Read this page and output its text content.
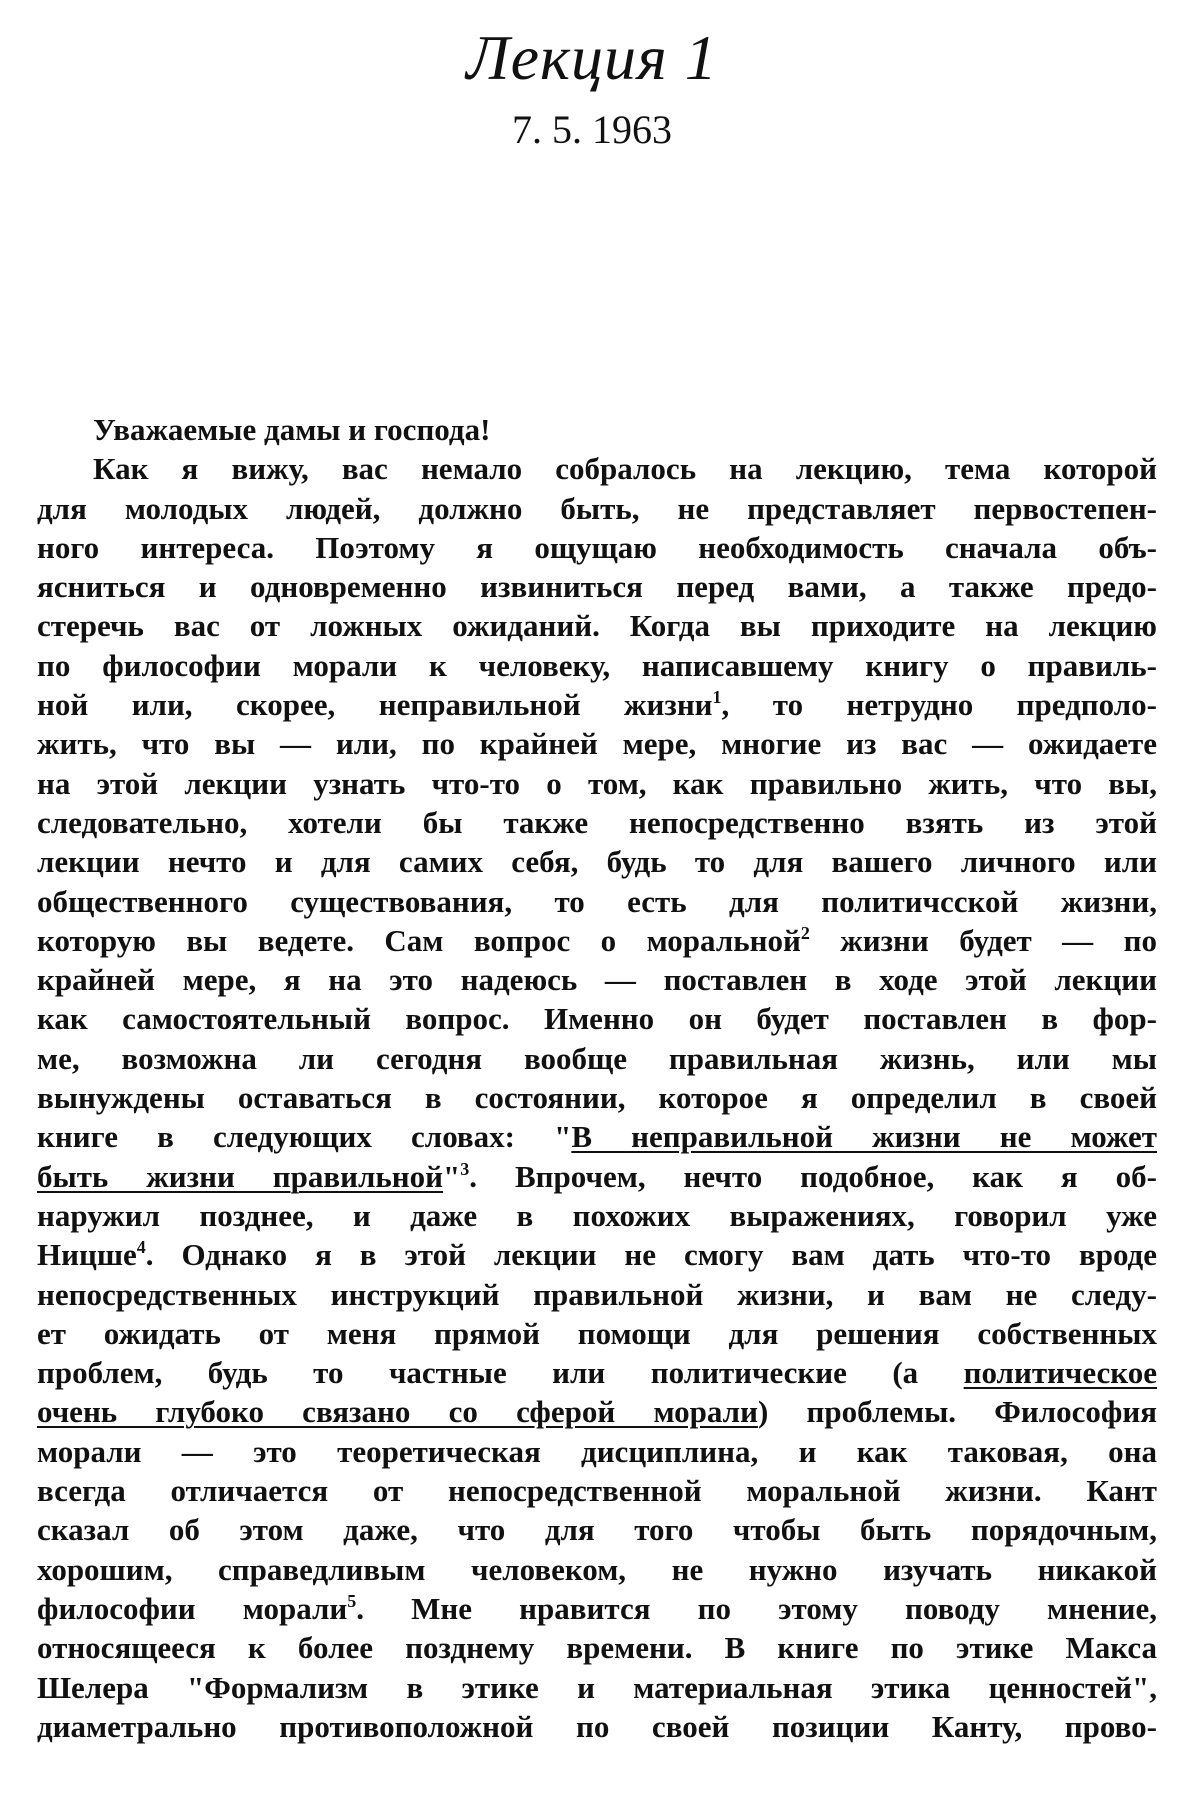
Лекция 1
7. 5. 1963
Уважаемые дамы и господа!
Как я вижу, вас немало собралось на лекцию, тема которой
для молодых людей, должно быть, не представляет первостепен-
ного интереса. Поэтому я ощущаю необходимость сначала объ-
ясниться и одновременно извиниться перед вами, а также предо-
стеречь вас от ложных ожиданий. Когда вы приходите на лекцию
по философии морали к человеку, написавшему книгу о правиль-
ной или, скорее, неправильной жизни$^1$, то нетрудно предполо-
жить, что вы — или, по крайней мере, многие из вас — ожидаете
на этой лекции узнать что-то о том, как правильно жить, что вы,
следовательно, хотели бы также непосредственно взять из этой
лекции нечто и для самих себя, будь то для вашего личного или
общественного существования, то есть для политичсской жизни,
которую вы ведете. Сам вопрос о моральной$^2$ жизни будет — по
крайней мере, я на это надеюсь — поставлен в ходе этой лекции
как самостоятельный вопрос. Именно он будет поставлен в фор-
ме, возможна ли сегодня вообще правильная жизнь, или мы
вынуждены оставаться в состоянии, которое я определил в своей
книге в следующих словах: "В неправильной жизни не может
быть жизни правильной"$^3$. Впрочем, нечто подобное, как я об-
наружил позднее, и даже в похожих выражениях, говорил уже
Ницше$^4$. Однако я в этой лекции не смогу вам дать что-то вроде
непосредственных инструкций правильной жизни, и вам не следу-
ет ожидать от меня прямой помощи для решения собственных
проблем, будь то частные или политические (а политическое
очень глубоко связано со сферой морали) проблемы. Философия
морали — это теоретическая дисциплина, и как таковая, она
всегда отличается от непосредственной моральной жизни. Кант
сказал об этом даже, что для того чтобы быть порядочным,
хорошим, справедливым человеком, не нужно изучать никакой
философии морали$^5$. Мне нравится по этому поводу мнение,
относящееся к более позднему времени. В книге по этике Макса
Шелера "Формализм в этике и материальная этика ценностей",
диаметрально противоположной по своей позиции Канту, прово-
